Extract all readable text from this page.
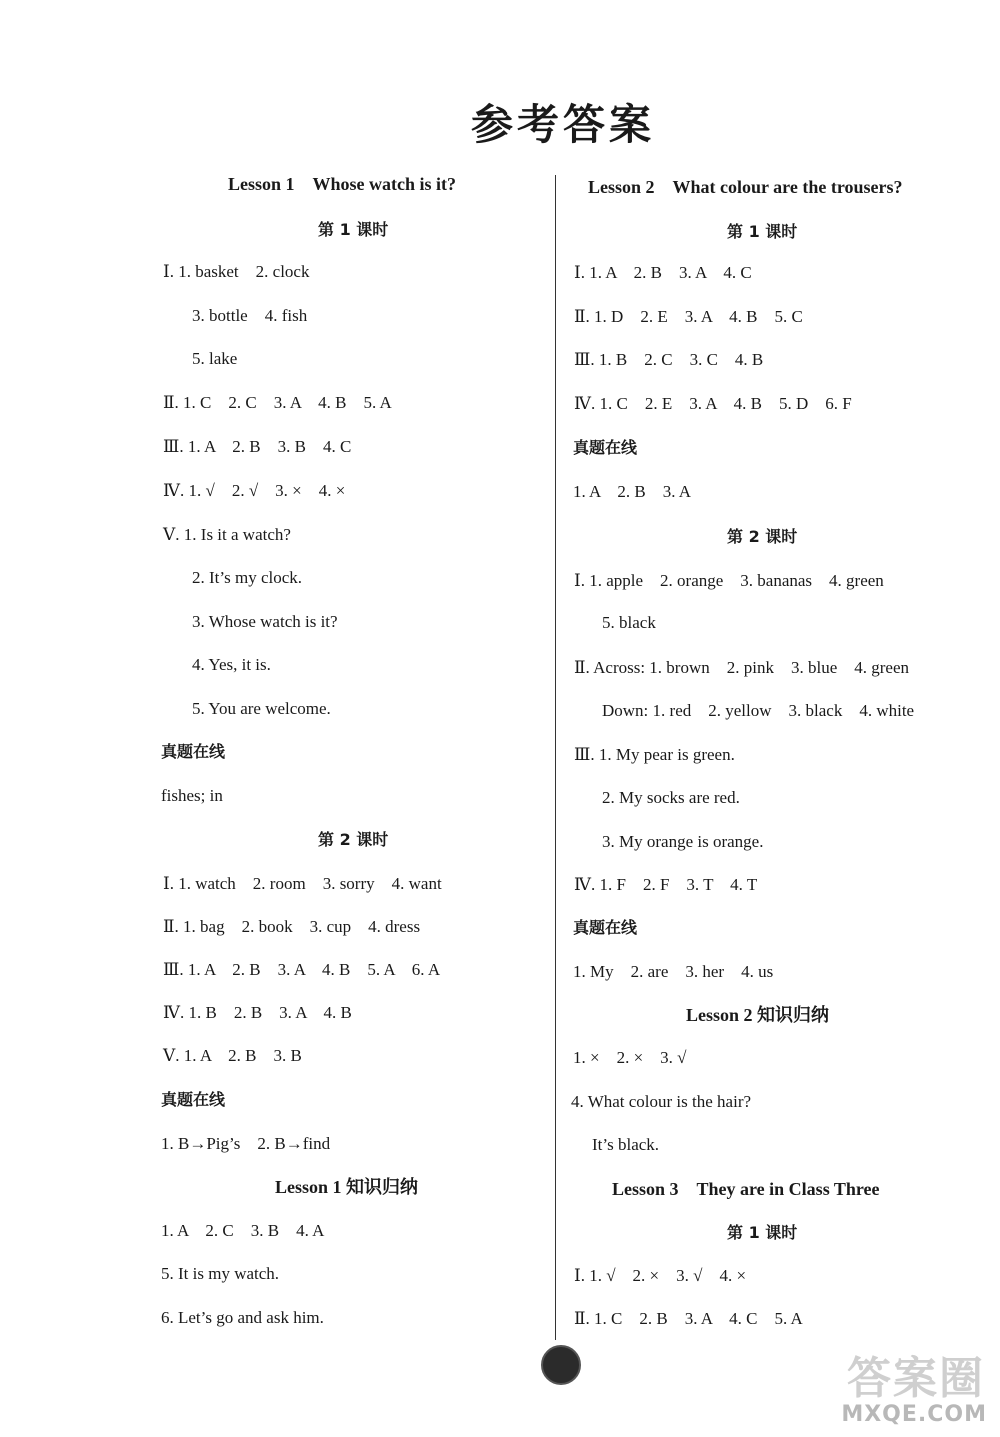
参考答案
Lesson 1　Whose watch is it?
第 1 课时
Ⅰ. 1. basket　2. clock
3. bottle　4. fish
5. lake
Ⅱ. 1. C　2. C　3. A　4. B　5. A
Ⅲ. 1. A　2. B　3. B　4. C
Ⅳ. 1. √　2. √　3. ×　4. ×
Ⅴ. 1. Is it a watch?
2. It’s my clock.
3. Whose watch is it?
4. Yes, it is.
5. You are welcome.
真题在线
fishes; in
第 2 课时
Ⅰ. 1. watch　2. room　3. sorry　4. want
Ⅱ. 1. bag　2. book　3. cup　4. dress
Ⅲ. 1. A　2. B　3. A　4. B　5. A　6. A
Ⅳ. 1. B　2. B　3. A　4. B
Ⅴ. 1. A　2. B　3. B
真题在线
1. B→Pig’s　2. B→find
Lesson 1 知识归纳
1. A　2. C　3. B　4. A
5. It is my watch.
6. Let’s go and ask him.
Lesson 2　What colour are the trousers?
第 1 课时
Ⅰ. 1. A　2. B　3. A　4. C
Ⅱ. 1. D　2. E　3. A　4. B　5. C
Ⅲ. 1. B　2. C　3. C　4. B
Ⅳ. 1. C　2. E　3. A　4. B　5. D　6. F
真题在线
1. A　2. B　3. A
第 2 课时
Ⅰ. 1. apple　2. orange　3. bananas　4. green
5. black
Ⅱ. Across: 1. brown　2. pink　3. blue　4. green
Down: 1. red　2. yellow　3. black　4. white
Ⅲ. 1. My pear is green.
2. My socks are red.
3. My orange is orange.
Ⅳ. 1. F　2. F　3. T　4. T
真题在线
1. My　2. are　3. her　4. us
Lesson 2 知识归纳
1. ×　2. ×　3. √
4. What colour is the hair?
It’s black.
Lesson 3　They are in Class Three
第 1 课时
Ⅰ. 1. √　2. ×　3. √　4. ×
Ⅱ. 1. C　2. B　3. A　4. C　5. A
答案圈
MXQE.COM
